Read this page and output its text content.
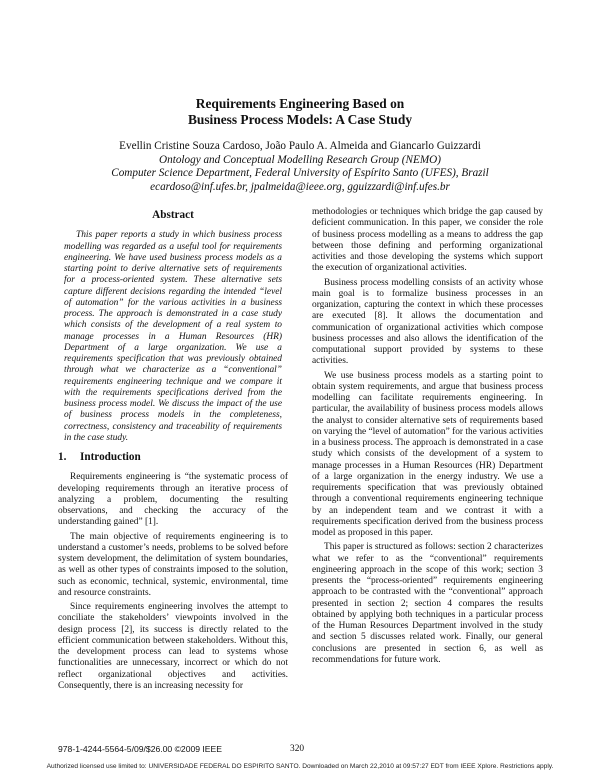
Requirements Engineering Based on
Business Process Models: A Case Study
Evellin Cristine Souza Cardoso, João Paulo A. Almeida and Giancarlo Guizzardi
Ontology and Conceptual Modelling Research Group (NEMO)
Computer Science Department, Federal University of Espírito Santo (UFES), Brazil
ecardoso@inf.ufes.br, jpalmeida@ieee.org, gguizzardi@inf.ufes.br
Abstract

This paper reports a study in which business process modelling was regarded as a useful tool for requirements engineering. We have used business process models as a starting point to derive alternative sets of requirements for a process-oriented system. These alternative sets capture different decisions regarding the intended “level of automation” for the various activities in a business process. The approach is demonstrated in a case study which consists of the development of a real system to manage processes in a Human Resources (HR) Department of a large organization. We use a requirements specification that was previously obtained through what we characterize as a “conventional” requirements engineering technique and we compare it with the requirements specifications derived from the business process model. We discuss the impact of the use of business process models in the completeness, correctness, consistency and traceability of requirements in the case study.

1. Introduction

Requirements engineering is “the systematic process of developing requirements through an iterative process of analyzing a problem, documenting the resulting observations, and checking the accuracy of the understanding gained” [1].

The main objective of requirements engineering is to understand a customer’s needs, problems to be solved before system development, the delimitation of system boundaries, as well as other types of constraints imposed to the solution, such as economic, technical, systemic, environmental, time and resource constraints.

Since requirements engineering involves the attempt to conciliate the stakeholders’ viewpoints involved in the design process [2], its success is directly related to the efficient communication between stakeholders. Without this, the development process can lead to systems whose functionalities are unnecessary, incorrect or which do not reflect organizational objectives and activities. Consequently, there is an increasing necessity for

methodologies or techniques which bridge the gap caused by deficient communication. In this paper, we consider the role of business process modelling as a means to address the gap between those defining and performing organizational activities and those developing the systems which support the execution of organizational activities.

Business process modelling consists of an activity whose main goal is to formalize business processes in an organization, capturing the context in which these processes are executed [8]. It allows the documentation and communication of organizational activities which compose business processes and also allows the identification of the computational support provided by systems to these activities.

We use business process models as a starting point to obtain system requirements, and argue that business process modelling can facilitate requirements engineering. In particular, the availability of business process models allows the analyst to consider alternative sets of requirements based on varying the “level of automation” for the various activities in a business process. The approach is demonstrated in a case study which consists of the development of a system to manage processes in a Human Resources (HR) Department of a large organization in the energy industry. We use a requirements specification that was previously obtained through a conventional requirements engineering technique by an independent team and we contrast it with a requirements specification derived from the business process model as proposed in this paper.

This paper is structured as follows: section 2 characterizes what we refer to as the “conventional” requirements engineering approach in the scope of this work; section 3 presents the “process-oriented” requirements engineering approach to be contrasted with the “conventional” approach presented in section 2; section 4 compares the results obtained by applying both techniques in a particular process of the Human Resources Department involved in the study and section 5 discusses related work. Finally, our general conclusions are presented in section 6, as well as recommendations for future work.

978-1-4244-5564-5/09/$26.00 ©2009 IEEE	320
Authorized licensed use limited to: UNIVERSIDADE FEDERAL DO ESPIRITO SANTO. Downloaded on March 22,2010 at 09:57:27 EDT from IEEE Xplore. Restrictions apply.
